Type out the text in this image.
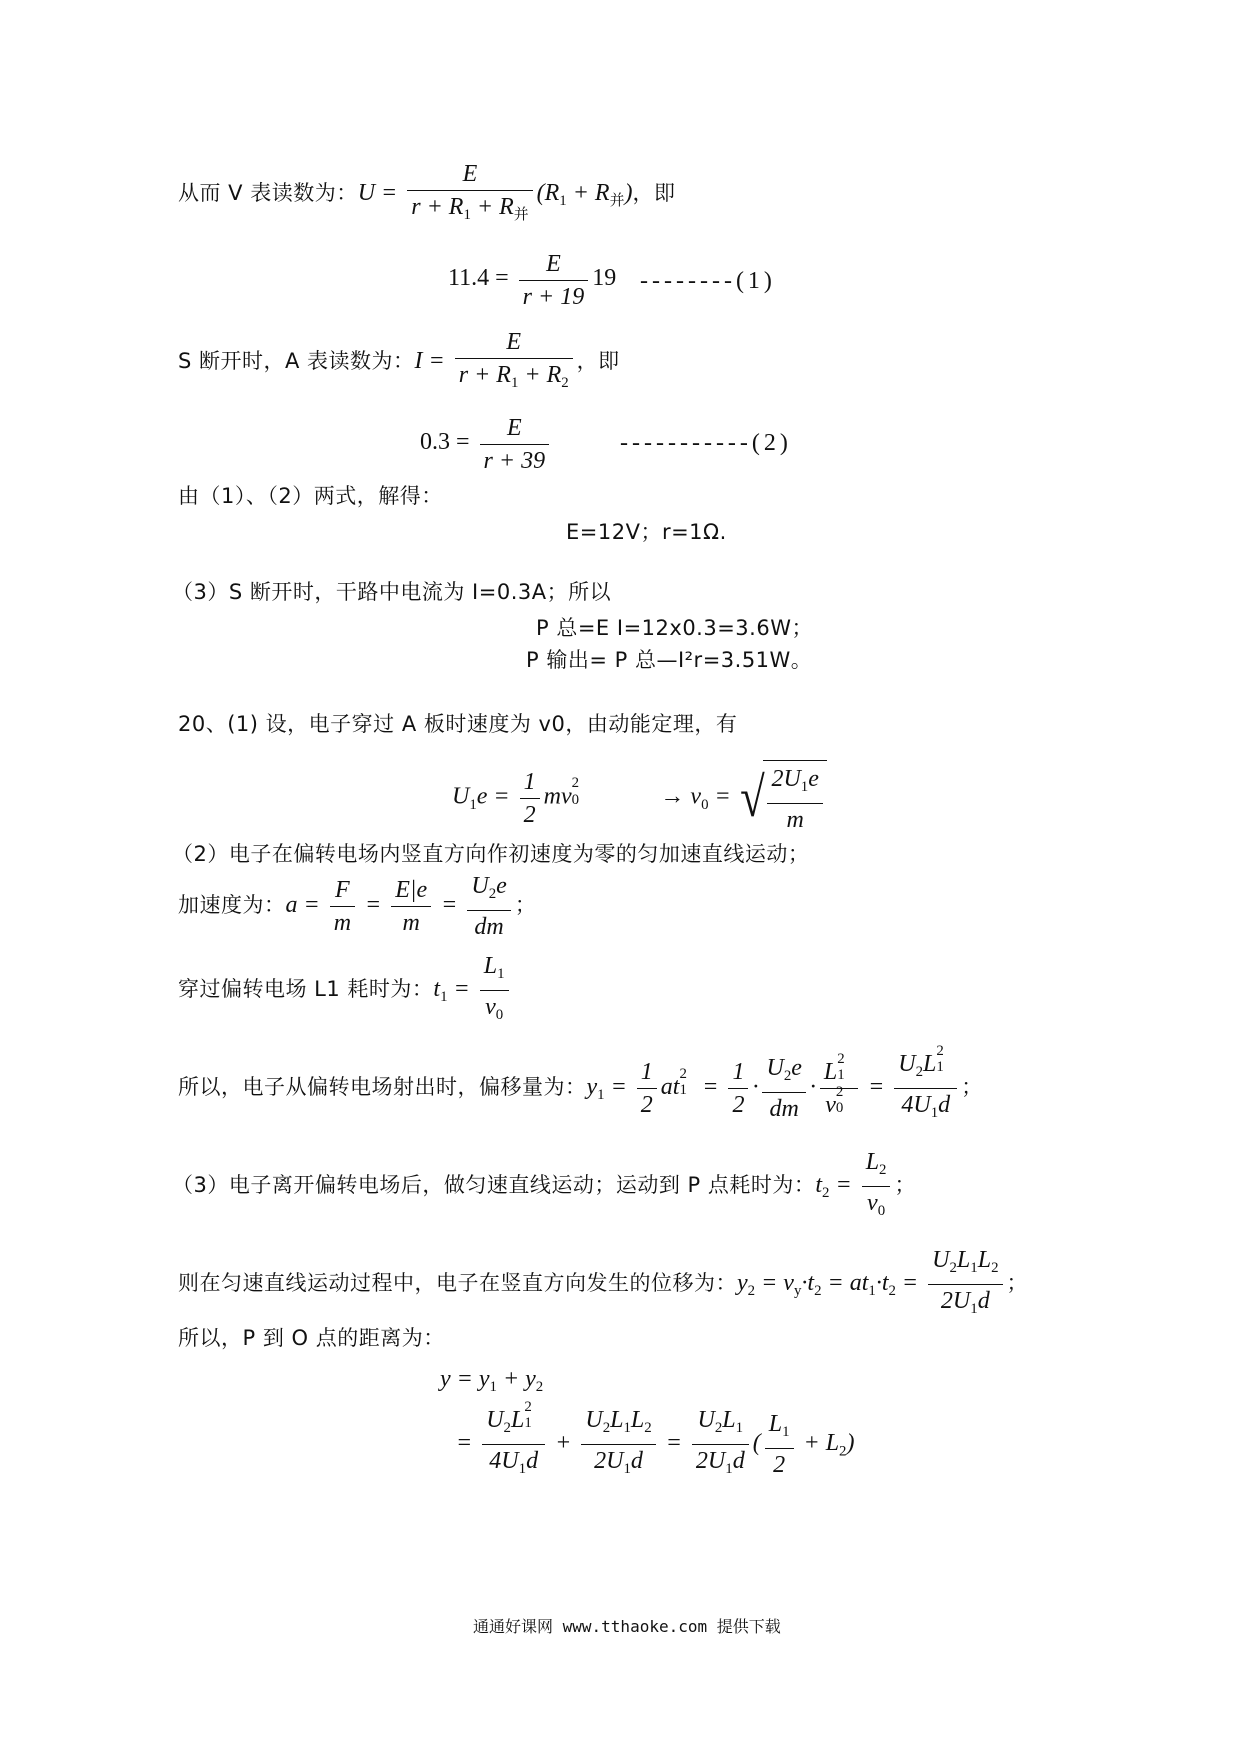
从而 V 表读数为：$U = \frac{E}{r + R_1 + R_并} (R_1 + R_并)$，即
$11.4 = \frac{E}{r + 19} 19$ --------(1)
S 断开时，A 表读数为：$I = \frac{E}{r + R_1 + R_2}$ ，即
$0.3 = \frac{E}{r + 39}$	-----------(2)
由（1）、（2）两式，解得：
E=12V；r=1Ω.
（3）S 断开时，干路中电流为 I=0.3A；所以
P 总=E I=12x0.3=3.6W；
P 输出= P 总—I²r=3.51W。
20、(1) 设，电子穿过 A 板时速度为 v0，由动能定理，有
$U_1e = \frac{1}{2}$ mv
2
0	→ $v_0$ = √ $\frac{2U_1e}{m}$
（2）电子在偏转电场内竖直方向作初速度为零的匀加速直线运动；
加速度为：$a = \frac{F}{m} = \frac{E|e}{m} = \frac{U_2e}{dm}$ ；
穿过偏转电场 L1 耗时为：$t_1 = \frac{L_1}{v_0}$
所以，电子从偏转电场射出时，偏移量为：$y_1 = \frac{1}{2}$ at
2
$1 = \frac{1}{2} \cdot \frac{U_2e}{dm} \cdot L$
2
1
v
2
$0 = U_2L$
2
1
$4U_1d$ ；
（3）电子离开偏转电场后，做匀速直线运动；运动到 P 点耗时为：$t_2 = \frac{L_2}{v_0}$ ；
则在匀速直线运动过程中，电子在竖直方向发生的位移为：$y_2 = v_y\cdot t_2 = at_1\cdot t_2 = \frac{U_2L_1L_2}{2U_1d}$ ；
所以，P 到 O 点的距离为：
$y = y_1 + y_2$
= $U_2L$
2
1
$4U_1d + \frac{U_2L_1L_2}{2U_1d} = \frac{U_2L_1}{2U_1d}$ ( $\frac{L_1}{2} + L_2$)
通通好课网 www.tthaoke.com 提供下载
